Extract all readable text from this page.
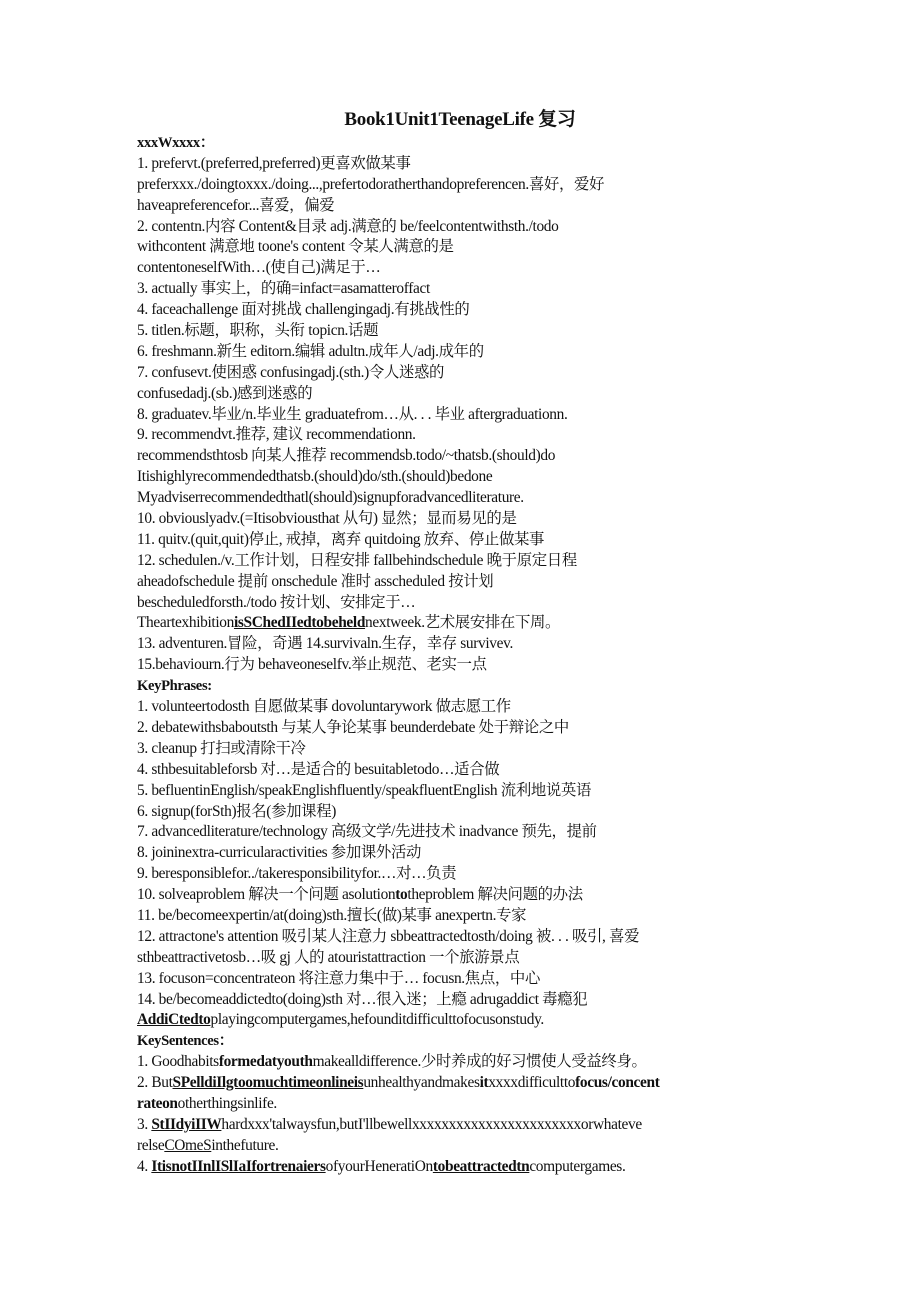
Book1Unit1TeenageLife 复习
xxxWxxxx：
1. prefervt.(preferred,preferred)更喜欢做某事
preferxxx./doingtoxxx./doing...,prefertodoratherthandopreferencen.喜好，爱好
haveapreferencefor...喜爱，偏爱
2. contentn.内容 Content&目录 adj.满意的 be/feelcontentwithsth./todo
withcontent 满意地 toone's content 令某人满意的是
contentoneselfWith…(使自己)满足于…
3. actually 事实上，的确=infact=asamatteroffact
4. faceachallenge 面对挑战 challengingadj.有挑战性的
5. titlen.标题，职称，头衔 topicn.话题
6. freshmann.新生 editorn.编辑 adultn.成年人/adj.成年的
7. confusevt.使困惑 confusingadj.(sth.)令人迷惑的
confusedadj.(sb.)感到迷惑的
8. graduatev.毕业/n.毕业生 graduatefrom…从. . . 毕业 aftergraduationn.
9. recommendvt.推荐, 建议 recommendationn.
recommendsthtosb 向某人推荐 recommendsb.todo/~thatsb.(should)do
Itishighlyrecommendedthatsb.(should)do/sth.(should)bedone
Myadviserrecommendedthatl(should)signupforadvancedliterature.
10. obviouslyadv.(=Itisobviousthat 从句) 显然；显而易见的是
11. quitv.(quit,quit)停止, 戒掉，离弃 quitdoing 放弃、停止做某事
12. schedulen./v.工作计划，日程安排 fallbehindschedule 晚于原定日程
aheadofschedule 提前 onschedule 准时 asscheduled 按计划
bescheduledforsth./todo 按计划、安排定于…
TheartexhibitionisSChedIIedtobeheldnextweek.艺术展安排在下周。
13. adventuren.冒险，奇遇 14.survivaln.生存，幸存 survivev.
15.behaviourn.行为 behaveoneselfv.举止规范、老实一点
KeyPhrases:
1. volunteertodosth 自愿做某事 dovoluntarywork 做志愿工作
2. debatewithsbaboutsth 与某人争论某事 beunderdebate 处于辩论之中
3. cleanup 打扫或清除干冷
4. sthbesuitableforsb 对…是适合的 besuitabletodo…适合做
5. befluentinEnglish/speakEnglishfluently/speakfluentEnglish 流利地说英语
6. signup(forSth)报名(参加课程)
7. advancedliterature/technology 高级文学/先进技术 inadvance 预先，提前
8. joininextra-curricularactivities 参加课外活动
9. beresponsiblefor../takeresponsibilityfor.…对…负责
10. solveaproblem 解决一个问题 asolutiontotheproblem 解决问题的办法
11. be/becomeexpertin/at(doing)sth.擅长(做)某事 anexpertn.专家
12. attractone's attention 吸引某人注意力 sbbeattractedtosth/doing 被. . . 吸引, 喜爱
sthbeattractivetosb…吸 gj 人的 atouristattraction 一个旅游景点
13. focuson=concentrateon 将注意力集中于… focusn.焦点，中心
14. be/becomeaddictedto(doing)sth 对…很入迷；上瘾 adrugaddict 毒瘾犯
AddiCtedtoplayingcomputergames,hefounditdifficulttofocusonstudy.
KeySentences：
1. Goodhabitsformedatyouthmakealldifference.少时养成的好习惯使人受益终身。
2. ButSPelldiIlgtoomuchtimeonlineisunhealthyandmakesitxxxxdifficulttofocus/concent
rateonotherthingsinlife.
3. StIIdyiIIWhardxxx'talwaysfun,butI'llbewellxxxxxxxxxxxxxxxxxxxxxxxorwhateve
relseCOmeSinthefuture.
4. ItisnotIInlISlIaIfortrenaiersofyourHeneratiOntobeattractedtncomputergames.
